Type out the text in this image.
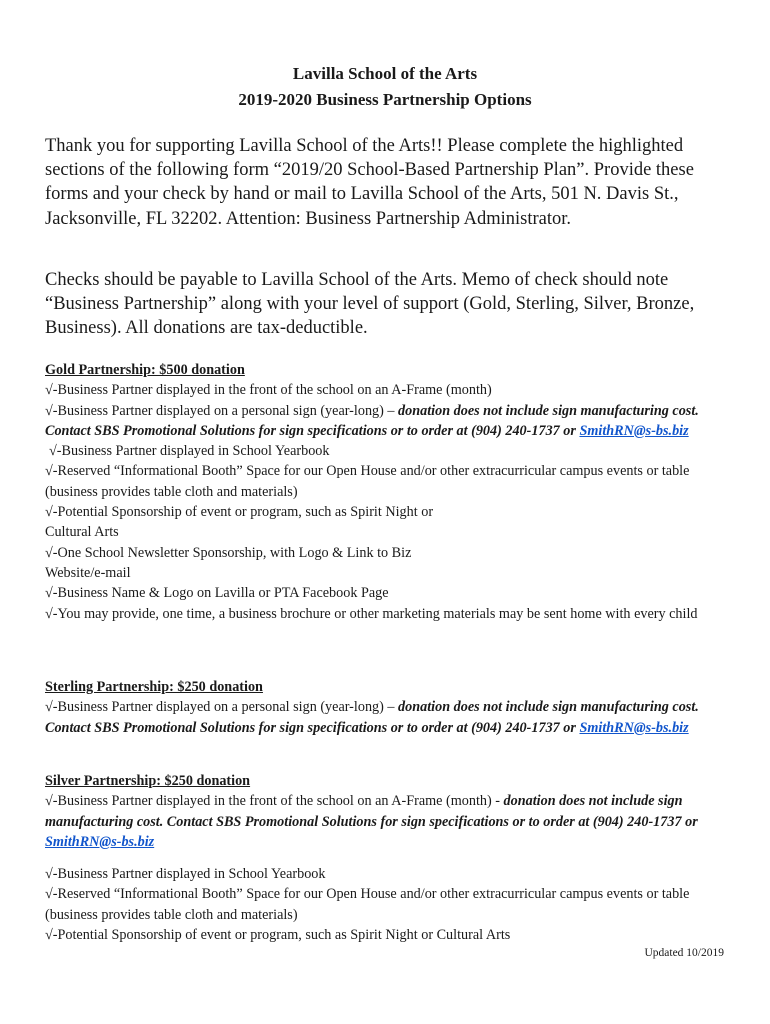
Lavilla School of the Arts
2019-2020 Business Partnership Options
Thank you for supporting Lavilla School of the Arts!! Please complete the highlighted sections of the following form “2019/20 School-Based Partnership Plan”. Provide these forms and your check by hand or mail to Lavilla School of the Arts, 501 N. Davis St., Jacksonville, FL 32202. Attention: Business Partnership Administrator.
Checks should be payable to Lavilla School of the Arts. Memo of check should note “Business Partnership” along with your level of support (Gold, Sterling, Silver, Bronze, Business). All donations are tax-deductible.
Gold Partnership: $500 donation
√-Business Partner displayed in the front of the school on an A-Frame (month)
√-Business Partner displayed on a personal sign (year-long) – donation does not include sign manufacturing cost. Contact SBS Promotional Solutions for sign specifications or to order at (904) 240-1737 or SmithRN@s-bs.biz
√-Business Partner displayed in School Yearbook
√-Reserved “Informational Booth” Space for our Open House and/or other extracurricular campus events or table (business provides table cloth and materials)
√-Potential Sponsorship of event or program, such as Spirit Night or
Cultural Arts
√-One School Newsletter Sponsorship, with Logo & Link to Biz
Website/e-mail
√-Business Name & Logo on Lavilla or PTA Facebook Page
√-You may provide, one time, a business brochure or other marketing materials may be sent home with every child
Sterling Partnership: $250 donation
√-Business Partner displayed on a personal sign (year-long) – donation does not include sign manufacturing cost. Contact SBS Promotional Solutions for sign specifications or to order at (904) 240-1737 or SmithRN@s-bs.biz
Silver Partnership: $250 donation
√-Business Partner displayed in the front of the school on an A-Frame (month) - donation does not include sign manufacturing cost. Contact SBS Promotional Solutions for sign specifications or to order at (904) 240-1737 or SmithRN@s-bs.biz
√-Business Partner displayed in School Yearbook
√-Reserved “Informational Booth” Space for our Open House and/or other extracurricular campus events or table (business provides table cloth and materials)
√-Potential Sponsorship of event or program, such as Spirit Night or Cultural Arts
Updated 10/2019
